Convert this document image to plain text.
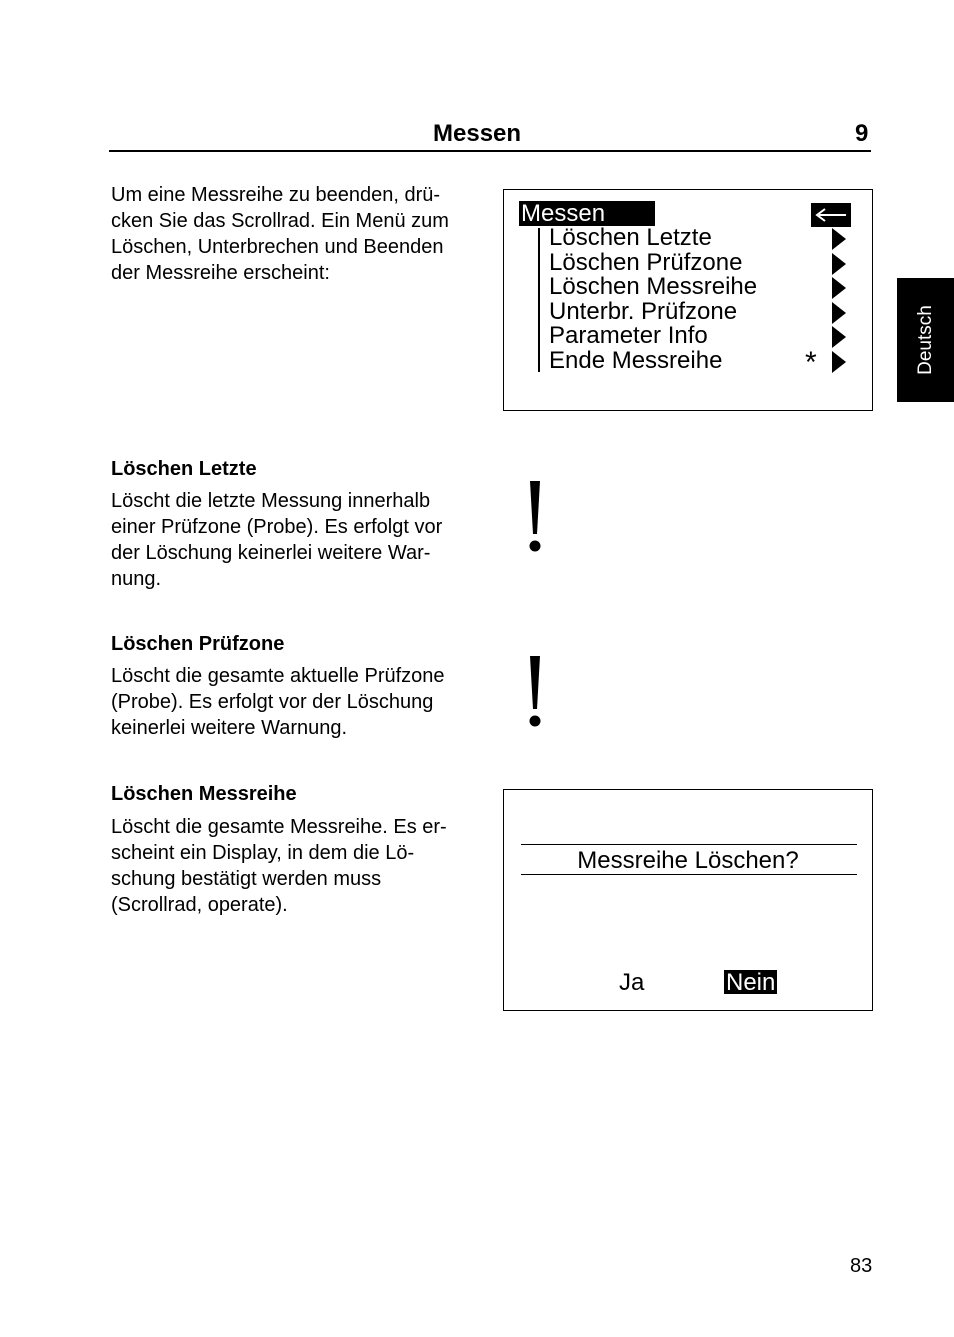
Messen	9
Deutsch
Um eine Messreihe zu beenden, drü-
cken Sie das Scrollrad. Ein Menü zum
Löschen, Unterbrechen und Beenden
der Messreihe erscheint:
Messen
Löschen Letzte
Löschen Prüfzone
Löschen Messreihe
Unterbr. Prüfzone
Parameter Info
Ende Messreihe	*
Löschen Letzte
Löscht die letzte Messung innerhalb
einer Prüfzone (Probe). Es erfolgt vor
der Löschung keinerlei weitere War-
nung.
Löschen Prüfzone
Löscht die gesamte aktuelle Prüfzone
(Probe). Es erfolgt vor der Löschung
keinerlei weitere Warnung.
Löschen Messreihe
Löscht die gesamte Messreihe. Es er-
scheint ein Display, in dem die Lö-
schung bestätigt werden muss
(Scrollrad, operate).
Messreihe Löschen?
Ja	Nein
83
